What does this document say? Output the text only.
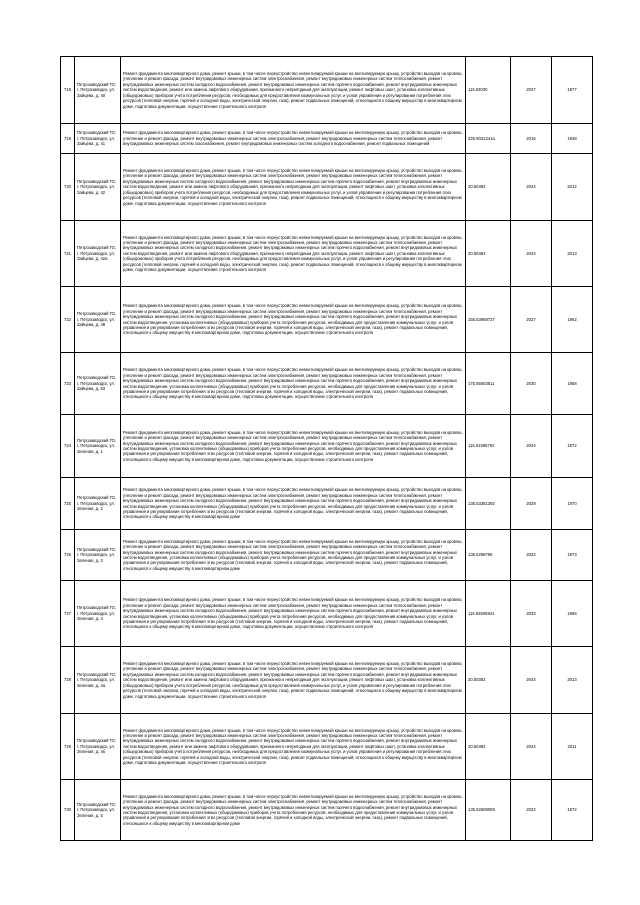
718	Петрозаводский ГО, г. Петрозаводск, ул. Зайцева, д. 40	Ремонт фундамента многоквартирного дома, ремонт крыши, в том числе переустройство невентилируемой крыши на вентилируемую крышу, устройство выходов на кровлю, утепление и ремонт фасада, ремонт внутридомовых инженерных систем электроснабжения, ремонт внутридомовых инженерных систем теплоснабжения, ремонт внутридомовых инженерных систем холодного водоснабжения, ремонт внутридомовых инженерных систем горячего водоснабжения, ремонт внутридомовых инженерных систем водоотведения, ремонт или замена лифтового оборудования, признанного непригодным для эксплуатации, ремонт лифтовых шахт, установка коллективных (общедомовых) приборов учета потребления ресурсов, необходимых для предоставления коммунальных услуг, и узлов управления и регулирования потребления этих ресурсов (тепловой энергии, горячей и холодной воды, электрической энергии, газа), ремонт подвальных помещений, относящихся к общему имуществу в многоквартирном доме, подготовка документации, осуществление строительного контроля	115.53030	2037	1977
719	Петрозаводский ГО, г. Петрозаводск, ул. Зайцева, д. 41	Ремонт фундамента многоквартирного дома, ремонт крыши, в том числе переустройство невентилируемой крыши на вентилируемую крышу, устройство выходов на кровлю, утепление и ремонт фасада, ремонт внутридомовых инженерных систем электроснабжения, ремонт внутридомовых инженерных систем теплоснабжения, ремонт внутридомовых инженерных систем газоснабжения, ремонт внутридомовых инженерных систем холодного водоснабжения, ремонт подвальных помещений	225.9031241а	2016	1948
720	Петрозаводский ГО, г. Петрозаводск, ул. Зайцева, д. 42	Ремонт фундамента многоквартирного дома, ремонт крыши, в том числе переустройство невентилируемой крыши на вентилируемую крышу, устройство выходов на кровлю, утепление и ремонт фасада, ремонт внутридомовых инженерных систем электроснабжения, ремонт внутридомовых инженерных систем теплоснабжения, ремонт внутридомовых инженерных систем холодного водоснабжения, ремонт внутридомовых инженерных систем горячего водоснабжения, ремонт внутридомовых инженерных систем водоотведения, ремонт или замена лифтового оборудования, признанного непригодным для эксплуатации, ремонт лифтовых шахт, установка коллективных (общедомовых) приборов учета потребления ресурсов, необходимых для предоставления коммунальных услуг, и узлов управления и регулирования потребления этих ресурсов (тепловой энергии, горячей и холодной воды, электрической энергии, газа), ремонт подвальных помещений, относящихся к общему имуществу в многоквартирном доме, подготовка документации, осуществление строительного контроля	20.50384	2044	2012
721	Петрозаводский ГО, г. Петрозаводск, ул. Зайцева, д. 42а	Ремонт фундамента многоквартирного дома, ремонт крыши, в том числе переустройство невентилируемой крыши на вентилируемую крышу, устройство выходов на кровлю, утепление и ремонт фасада, ремонт внутридомовых инженерных систем электроснабжения, ремонт внутридомовых инженерных систем теплоснабжения, ремонт внутридомовых инженерных систем холодного водоснабжения, ремонт внутридомовых инженерных систем горячего водоснабжения, ремонт внутридомовых инженерных систем водоотведения, ремонт или замена лифтового оборудования, признанного непригодным для эксплуатации, ремонт лифтовых шахт, установка коллективных (общедомовых) приборов учета потребления ресурсов, необходимых для предоставления коммунальных услуг, и узлов управления и регулирования потребления этих ресурсов (тепловой энергии, горячей и холодной воды, электрической энергии, газа), ремонт подвальных помещений, относящихся к общему имуществу в многоквартирном доме, подготовка документации, осуществление строительного контроля	20.50383	2044	2013
722	Петрозаводский ГО, г. Петрозаводск, ул. Зайцева, д. 49	Ремонт фундамента многоквартирного дома, ремонт крыши, в том числе переустройство невентилируемой крыши на вентилируемую крышу, устройство выходов на кровлю, утепление и ремонт фасада, ремонт внутридомовых инженерных систем электроснабжения, ремонт внутридомовых инженерных систем теплоснабжения, ремонт внутридомовых инженерных систем холодного водоснабжения, ремонт внутридомовых инженерных систем горячего водоснабжения, ремонт внутридомовых инженерных систем водоотведения, установка коллективных (общедомовых) приборов учета потребления ресурсов, необходимых для предоставления коммунальных услуг, и узлов управления и регулирования потребления этих ресурсов (тепловой энергии, горячей и холодной воды, электрической энергии, газа), ремонт подвальных помещений, относящихся к общему имуществу в многоквартирном доме, подготовка документации, осуществление строительного контроля	155.53968737	2027	1962
723	Петрозаводский ГО, г. Петрозаводск, ул. Зайцева, д. 53	Ремонт фундамента многоквартирного дома, ремонт крыши, в том числе переустройство невентилируемой крыши на вентилируемую крышу, устройство выходов на кровлю, утепление и ремонт фасада, ремонт внутридомовых инженерных систем электроснабжения, ремонт внутридомовых инженерных систем теплоснабжения, ремонт внутридомовых инженерных систем холодного водоснабжения, ремонт внутридомовых инженерных систем горячего водоснабжения, ремонт внутридомовых инженерных систем водоотведения, установка коллективных (общедомовых) приборов учета потребления ресурсов, необходимых для предоставления коммунальных услуг, и узлов управления и регулирования потребления этих ресурсов (тепловой энергии, горячей и холодной воды, электрической энергии, газа), ремонт подвальных помещений, относящихся к общему имуществу в многоквартирном доме, подготовка документации, осуществление строительного контроля	175.55503811	2030	1958
724	Петрозаводский ГО, г. Петрозаводск, ул. Зеленая, д. 1	Ремонт фундамента многоквартирного дома, ремонт крыши, в том числе переустройство невентилируемой крыши на вентилируемую крышу, устройство выходов на кровлю, утепление и ремонт фасада, ремонт внутридомовых инженерных систем электроснабжения, ремонт внутридомовых инженерных систем теплоснабжения, ремонт внутридомовых инженерных систем холодного водоснабжения, ремонт внутридомовых инженерных систем горячего водоснабжения, ремонт внутридомовых инженерных систем водоотведения, установка коллективных (общедомовых) приборов учета потребления ресурсов, необходимых для предоставления коммунальных услуг, и узлов управления и регулирования потребления этих ресурсов (тепловой энергии, горячей и холодной воды, электрической энергии, газа), ремонт подвальных помещений, относящихся к общему имуществу в многоквартирном доме, подготовка документации, осуществление строительного контроля	115.51585792	2034	1972
725	Петрозаводский ГО, г. Петрозаводск, ул. Зеленая, д. 2	Ремонт фундамента многоквартирного дома, ремонт крыши, в том числе переустройство невентилируемой крыши на вентилируемую крышу, устройство выходов на кровлю, утепление и ремонт фасада, ремонт внутридомовых инженерных систем электроснабжения, ремонт внутридомовых инженерных систем теплоснабжения, ремонт внутридомовых инженерных систем холодного водоснабжения, ремонт внутридомовых инженерных систем горячего водоснабжения, ремонт внутридомовых инженерных систем водоотведения, установка коллективных (общедомовых) приборов учета потребления ресурсов, необходимых для предоставления коммунальных услуг, и узлов управления и регулирования потребления этих ресурсов (тепловой энергии, горячей и холодной воды, электрической энергии, газа), ремонт подвальных помещений, относящихся к общему имуществу в многоквартирном доме	135.53381392	2029	1970
726	Петрозаводский ГО, г. Петрозаводск, ул. Зеленая, д. 3	Ремонт фундамента многоквартирного дома, ремонт крыши, в том числе переустройство невентилируемой крыши на вентилируемую крышу, устройство выходов на кровлю, утепление и ремонт фасада, ремонт внутридомовых инженерных систем электроснабжения, ремонт внутридомовых инженерных систем теплоснабжения, ремонт внутридомовых инженерных систем холодного водоснабжения, ремонт внутридомовых инженерных систем горячего водоснабжения, ремонт внутридомовых инженерных систем водоотведения, установка коллективных (общедомовых) приборов учета потребления ресурсов, необходимых для предоставления коммунальных услуг, и узлов управления и регулирования потребления этих ресурсов (тепловой энергии, горячей и холодной воды, электрической энергии, газа), ремонт подвальных помещений, относящихся к общему имуществу в многоквартирном доме	135.5298796	2032	1973
727	Петрозаводский ГО, г. Петрозаводск, ул. Зеленая, д. 4	Ремонт фундамента многоквартирного дома, ремонт крыши, в том числе переустройство невентилируемой крыши на вентилируемую крышу, устройство выходов на кровлю, утепление и ремонт фасада, ремонт внутридомовых инженерных систем электроснабжения, ремонт внутридомовых инженерных систем теплоснабжения, ремонт внутридомовых инженерных систем холодного водоснабжения, ремонт внутридомовых инженерных систем горячего водоснабжения, ремонт внутридомовых инженерных систем водоотведения, установка коллективных (общедомовых) приборов учета потребления ресурсов, необходимых для предоставления коммунальных услуг, и узлов управления и регулирования потребления этих ресурсов (тепловой энергии, горячей и холодной воды, электрической энергии, газа), ремонт подвальных помещений, относящихся к общему имуществу в многоквартирном доме, подготовка документации, осуществление строительного контроля	115.52505941	2033	1966
728	Петрозаводский ГО, г. Петрозаводск, ул. Зеленая, д. 4а	Ремонт фундамента многоквартирного дома, ремонт крыши, в том числе переустройство невентилируемой крыши на вентилируемую крышу, устройство выходов на кровлю, утепление и ремонт фасада, ремонт внутридомовых инженерных систем электроснабжения, ремонт внутридомовых инженерных систем теплоснабжения, ремонт внутридомовых инженерных систем холодного водоснабжения, ремонт внутридомовых инженерных систем горячего водоснабжения, ремонт внутридомовых инженерных систем водоотведения, ремонт или замена лифтового оборудования, признанного непригодным для эксплуатации, ремонт лифтовых шахт, установка коллективных (общедомовых) приборов учета потребления ресурсов, необходимых для предоставления коммунальных услуг, и узлов управления и регулирования потребления этих ресурсов (тепловой энергии, горячей и холодной воды, электрической энергии, газа), ремонт подвальных помещений, относящихся к общему имуществу в многоквартирном доме, подготовка документации, осуществление строительного контроля	20.50383	2044	2013
729	Петрозаводский ГО, г. Петрозаводск, ул. Зеленая, д. 4б	Ремонт фундамента многоквартирного дома, ремонт крыши, в том числе переустройство невентилируемой крыши на вентилируемую крышу, устройство выходов на кровлю, утепление и ремонт фасада, ремонт внутридомовых инженерных систем электроснабжения, ремонт внутридомовых инженерных систем теплоснабжения, ремонт внутридомовых инженерных систем холодного водоснабжения, ремонт внутридомовых инженерных систем горячего водоснабжения, ремонт внутридомовых инженерных систем водоотведения, ремонт или замена лифтового оборудования, признанного непригодным для эксплуатации, ремонт лифтовых шахт, установка коллективных (общедомовых) приборов учета потребления ресурсов, необходимых для предоставления коммунальных услуг, и узлов управления и регулирования потребления этих ресурсов (тепловой энергии, горячей и холодной воды, электрической энергии, газа), ремонт подвальных помещений, относящихся к общему имуществу в многоквартирном доме, подготовка документации, осуществление строительного контроля	20.50382	2044	2011
730	Петрозаводский ГО, г. Петрозаводск, ул. Зеленая, д. 5	Ремонт фундамента многоквартирного дома, ремонт крыши, в том числе переустройство невентилируемой крыши на вентилируемую крышу, устройство выходов на кровлю, утепление и ремонт фасада, ремонт внутридомовых инженерных систем электроснабжения, ремонт внутридомовых инженерных систем теплоснабжения, ремонт внутридомовых инженерных систем холодного водоснабжения, ремонт внутридомовых инженерных систем горячего водоснабжения, ремонт внутридомовых инженерных систем водоотведения, установка коллективных (общедомовых) приборов учета потребления ресурсов, необходимых для предоставления коммунальных услуг, и узлов управления и регулирования потребления этих ресурсов (тепловой энергии, горячей и холодной воды, электрической энергии, газа), ремонт подвальных помещений, относящихся к общему имуществу в многоквартирном доме	135.52608069	2032	1972
